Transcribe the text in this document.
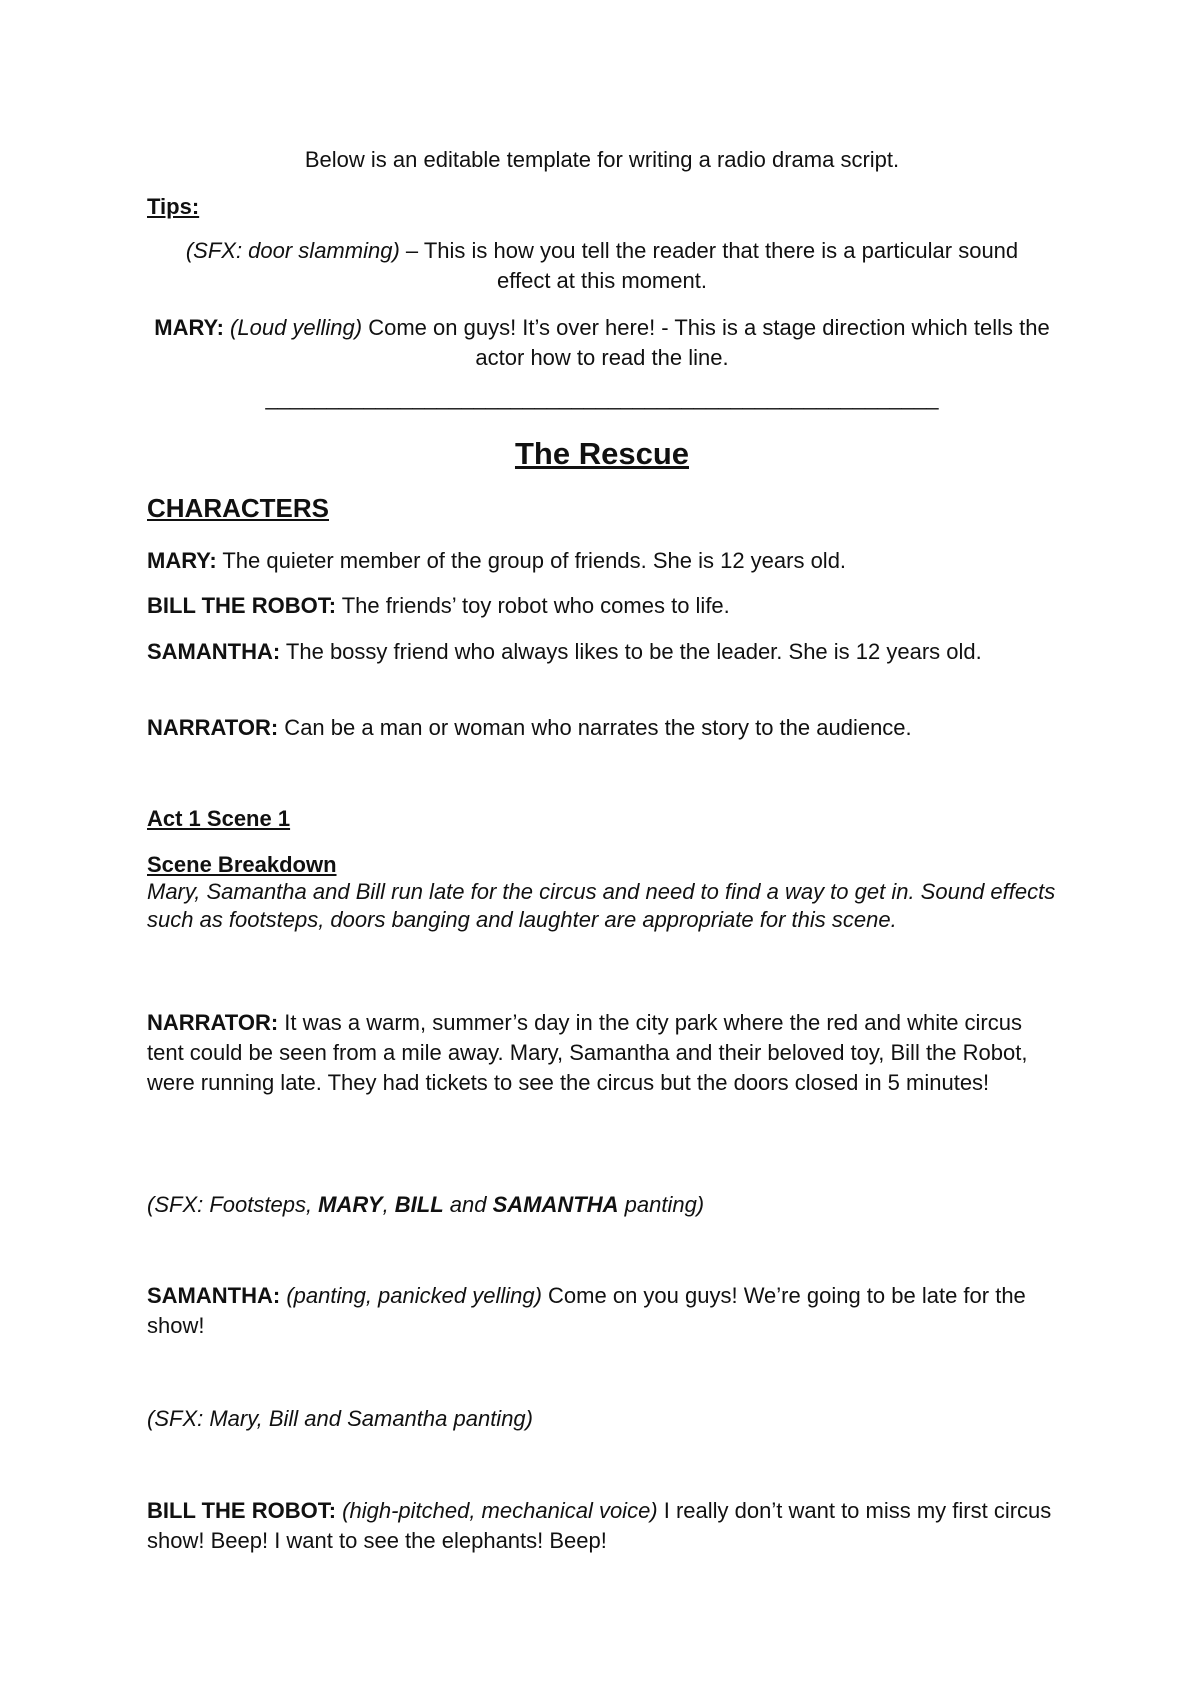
Below is an editable template for writing a radio drama script.

Tips:

(SFX: door slamming) – This is how you tell the reader that there is a particular sound effect at this moment.

MARY: (Loud yelling) Come on guys! It’s over here! - This is a stage direction which tells the actor how to read the line.

_______________________________________________________

The Rescue

CHARACTERS

MARY: The quieter member of the group of friends. She is 12 years old.

BILL THE ROBOT: The friends’ toy robot who comes to life.

SAMANTHA: The bossy friend who always likes to be the leader. She is 12 years old.

NARRATOR: Can be a man or woman who narrates the story to the audience.

Act 1 Scene 1

Scene Breakdown

Mary, Samantha and Bill run late for the circus and need to find a way to get in. Sound effects such as footsteps, doors banging and laughter are appropriate for this scene.

NARRATOR: It was a warm, summer’s day in the city park where the red and white circus tent could be seen from a mile away. Mary, Samantha and their beloved toy, Bill the Robot, were running late. They had tickets to see the circus but the doors closed in 5 minutes!

(SFX: Footsteps, MARY, BILL and SAMANTHA panting)

SAMANTHA: (panting, panicked yelling) Come on you guys! We’re going to be late for the show!

(SFX: Mary, Bill and Samantha panting)

BILL THE ROBOT: (high-pitched, mechanical voice) I really don’t want to miss my first circus show! Beep! I want to see the elephants! Beep!
